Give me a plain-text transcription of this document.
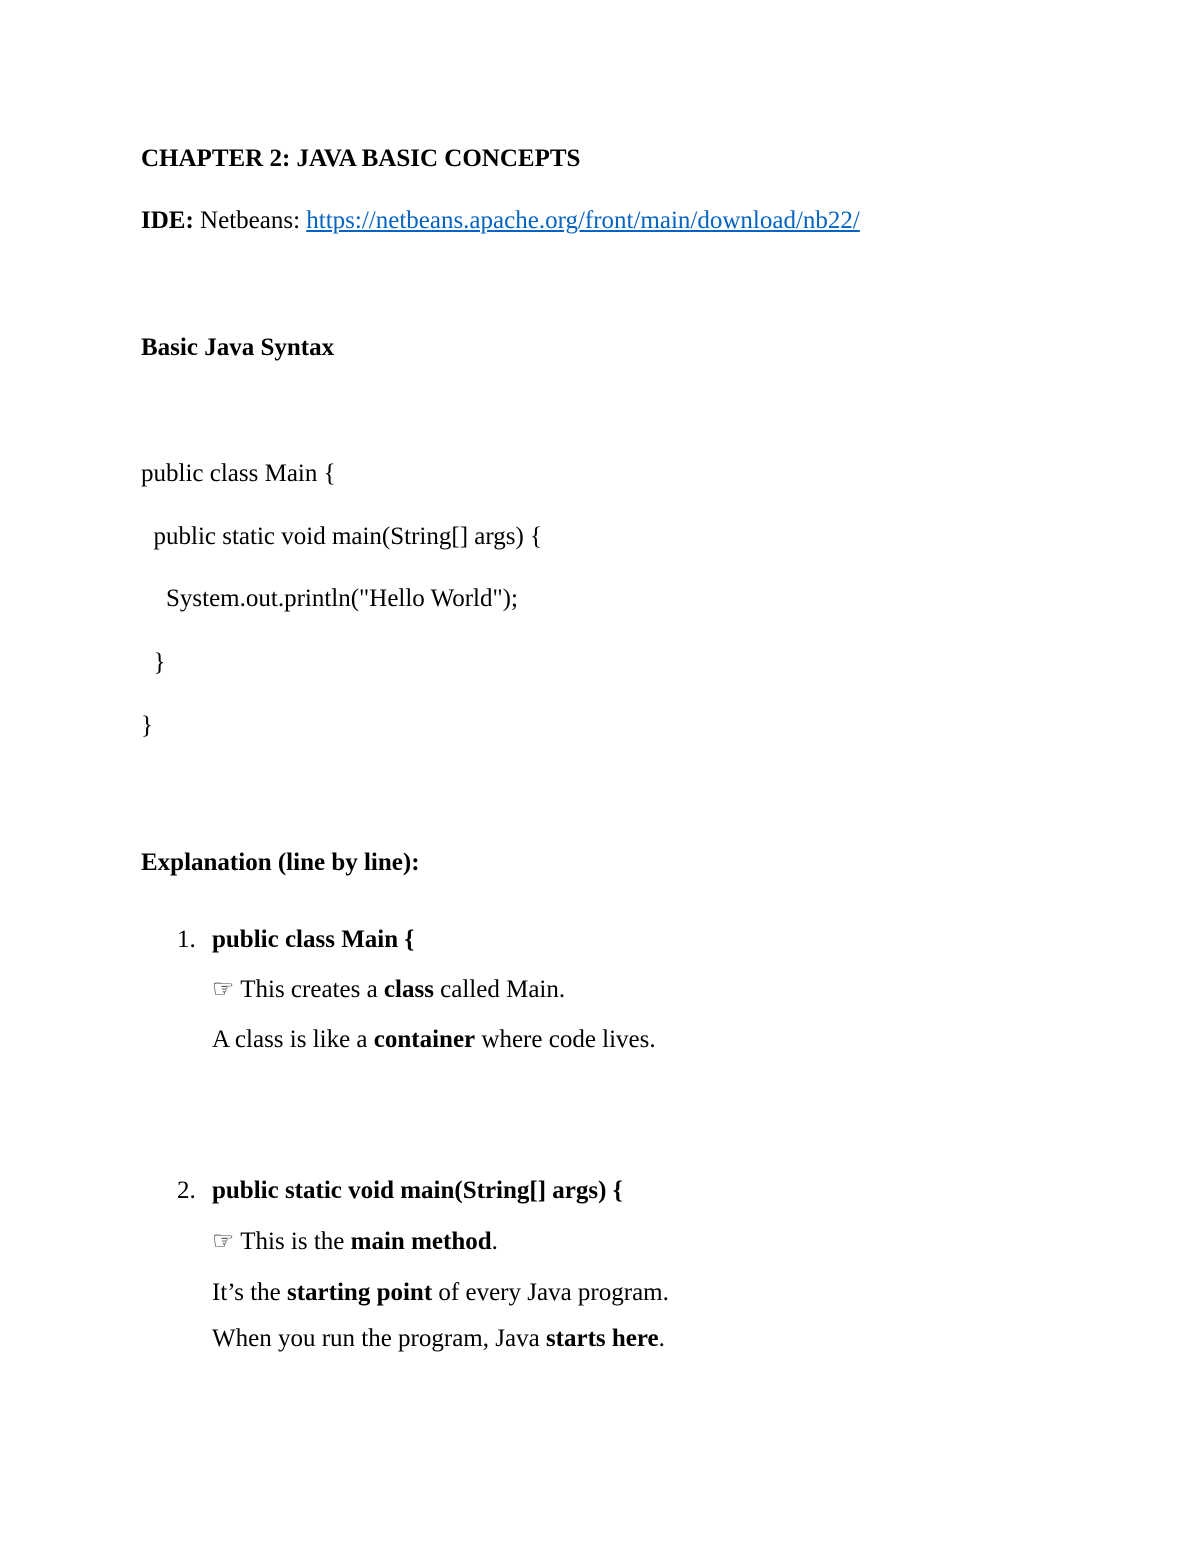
CHAPTER 2: JAVA BASIC CONCEPTS
IDE: Netbeans: https://netbeans.apache.org/front/main/download/nb22/
Basic Java Syntax
public class Main {
public static void main(String[] args) {
System.out.println("Hello World");
}
}
Explanation (line by line):
1. public class Main {
☞ This creates a class called Main.
A class is like a container where code lives.
2. public static void main(String[] args) {
☞ This is the main method.
It’s the starting point of every Java program.
When you run the program, Java starts here.
